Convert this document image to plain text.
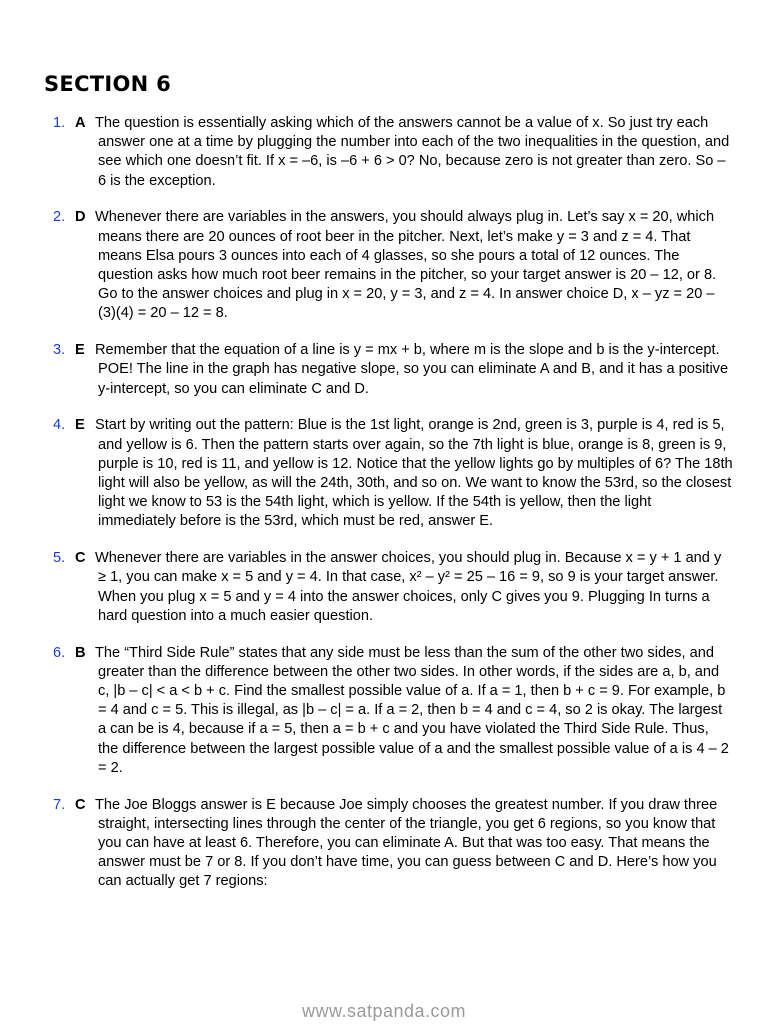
SECTION 6
1. A The question is essentially asking which of the answers cannot be a value of x. So just try each answer one at a time by plugging the number into each of the two inequalities in the question, and see which one doesn’t fit. If x = –6, is –6 + 6 > 0? No, because zero is not greater than zero. So –6 is the exception.
2. D Whenever there are variables in the answers, you should always plug in. Let’s say x = 20, which means there are 20 ounces of root beer in the pitcher. Next, let’s make y = 3 and z = 4. That means Elsa pours 3 ounces into each of 4 glasses, so she pours a total of 12 ounces. The question asks how much root beer remains in the pitcher, so your target answer is 20 – 12, or 8. Go to the answer choices and plug in x = 20, y = 3, and z = 4. In answer choice D, x – yz = 20 – (3)(4) = 20 – 12 = 8.
3. E Remember that the equation of a line is y = mx + b, where m is the slope and b is the y-intercept. POE! The line in the graph has negative slope, so you can eliminate A and B, and it has a positive y-intercept, so you can eliminate C and D.
4. E Start by writing out the pattern: Blue is the 1st light, orange is 2nd, green is 3, purple is 4, red is 5, and yellow is 6. Then the pattern starts over again, so the 7th light is blue, orange is 8, green is 9, purple is 10, red is 11, and yellow is 12. Notice that the yellow lights go by multiples of 6? The 18th light will also be yellow, as will the 24th, 30th, and so on. We want to know the 53rd, so the closest light we know to 53 is the 54th light, which is yellow. If the 54th is yellow, then the light immediately before is the 53rd, which must be red, answer E.
5. C Whenever there are variables in the answer choices, you should plug in. Because x = y + 1 and y ≥ 1, you can make x = 5 and y = 4. In that case, x² – y² = 25 – 16 = 9, so 9 is your target answer. When you plug x = 5 and y = 4 into the answer choices, only C gives you 9. Plugging In turns a hard question into a much easier question.
6. B The “Third Side Rule” states that any side must be less than the sum of the other two sides, and greater than the difference between the other two sides. In other words, if the sides are a, b, and c, |b – c| < a < b + c. Find the smallest possible value of a. If a = 1, then b + c = 9. For example, b = 4 and c = 5. This is illegal, as |b – c| = a. If a = 2, then b = 4 and c = 4, so 2 is okay. The largest a can be is 4, because if a = 5, then a = b + c and you have violated the Third Side Rule. Thus, the difference between the largest possible value of a and the smallest possible value of a is 4 – 2 = 2.
7. C The Joe Bloggs answer is E because Joe simply chooses the greatest number. If you draw three straight, intersecting lines through the center of the triangle, you get 6 regions, so you know that you can have at least 6. Therefore, you can eliminate A. But that was too easy. That means the answer must be 7 or 8. If you don’t have time, you can guess between C and D. Here’s how you can actually get 7 regions:
www.satpanda.com
